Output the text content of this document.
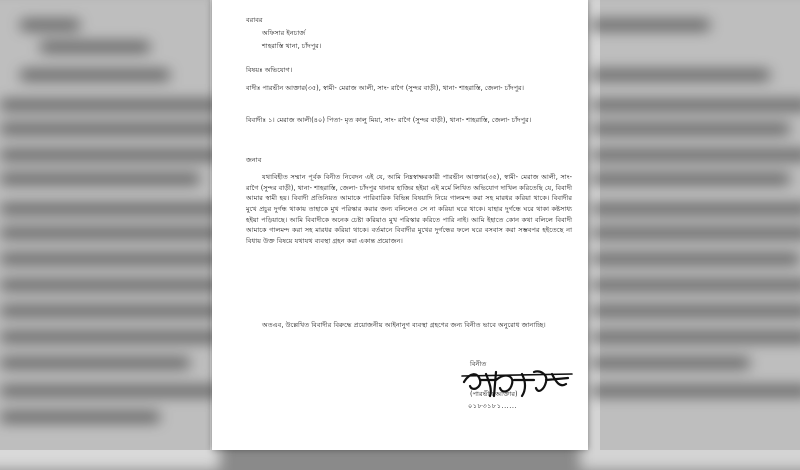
বরাবর
অফিসার ইনচার্জ
শাহরাস্তি থানা, চাঁদপুর।
বিষয়ঃ অভিযোগ।

বাদীঃ পারভীন আক্তার(৩৫), স্বামী- মেরাজ আলী, সাং- রাগৈ (সুন্দর বাড়ী), থানা- শাহরাস্তি, জেলা- চাঁদপুর।

বিবাদীঃ ১। মেরাজ আলী(৪০) পিতা- মৃত কালু মিয়া, সাং- রাগৈ (সুন্দর বাড়ী), থানা- শাহরাস্তি, জেলা- চাঁদপুর।

জনাব

যথাবিহীত সম্মান পূর্বক বিনীত নিবেদন এই যে, আমি নিম্নস্বাক্ষরকারী পারভীন আক্তার(৩৫), স্বামী- মেরাজ আলী, সাং- রাগৈ (সুন্দর বাড়ী), থানা- শাহরাস্তি, জেলা- চাঁদপুর থানায় হাজির হইয়া এই মর্মে লিখিত অভিযোগ দাখিল করিতেছি যে, বিবাদী আমার স্বামী হয়। বিবাদী প্রতিনিয়ত আমাকে পারিবারিক বিভিন্ন বিষয়াদি নিয়ে গালমন্দ করা সহ মারধর করিয়া থাকে। বিবাদীর মুখে প্রচুর দুর্গন্ধ থাকায় তাহাকে মুখ পরিস্কার করার জন্য বলিলেও সে না করিয়া ঘরে থাকে। যাহার দুর্গন্ধে ঘরে থাকা কষ্টসাধ্য হইয়া পড়িয়াছে। আমি বিবাদীকে অনেক চেষ্টা করিয়াও মুখ পরিস্কার করিতে পারি নাই। আমি ইহাতে কোন কথা বলিলে বিবাদী আমাকে গালমন্দ করা সহ মারধর করিয়া থাকে। বর্তমানে বিবাদীর মুখের দুর্গন্ধের ফলে ঘরে বসবাস করা সম্ভবপর হইতেছে না বিধায় উক্ত বিষয়ে যথাযথ ব্যবস্থা গ্রহন করা একান্ত প্রয়োজন।

অতএব, উল্লেখিত বিবাদীর বিরুদ্ধে প্রয়োজনীয় আইনানুগ ব্যবস্থা গ্রহণের জন্য বিনীত ভাবে অনুরোধ জানাচ্ছি।

বিনীত
(পারভীন আক্তার)
০১৮৩১৮১......
